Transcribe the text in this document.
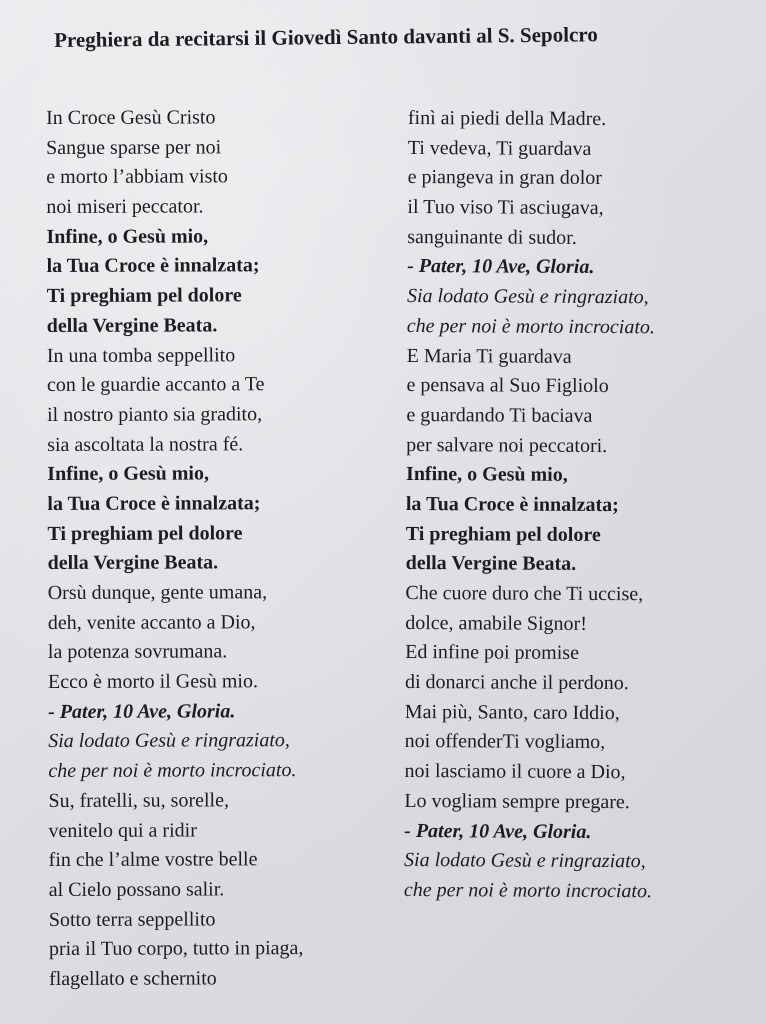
Preghiera da recitarsi il Giovedì Santo davanti al S. Sepolcro
In Croce Gesù Cristo
Sangue sparse per noi
e morto l’abbiam visto
noi miseri peccator.
Infine, o Gesù mio,
la Tua Croce è innalzata;
Ti preghiam pel dolore
della Vergine Beata.
In una tomba seppellito
con le guardie accanto a Te
il nostro pianto sia gradito,
sia ascoltata la nostra fé.
Infine, o Gesù mio,
la Tua Croce è innalzata;
Ti preghiam pel dolore
della Vergine Beata.
Orsù dunque, gente umana,
deh, venite accanto a Dio,
la potenza sovrumana.
Ecco è morto il Gesù mio.
- Pater, 10 Ave, Gloria.
Sia lodato Gesù e ringraziato,
che per noi è morto incrociato.
Su, fratelli, su, sorelle,
venitelo qui a ridir
fin che l’alme vostre belle
al Cielo possano salir.
Sotto terra seppellito
pria il Tuo corpo, tutto in piaga,
flagellato e schernito
finì ai piedi della Madre.
Ti vedeva, Ti guardava
e piangeva in gran dolor
il Tuo viso Ti asciugava,
sanguinante di sudor.
- Pater, 10 Ave, Gloria.
Sia lodato Gesù e ringraziato,
che per noi è morto incrociato.
E Maria Ti guardava
e pensava al Suo Figliolo
e guardando Ti baciava
per salvare noi peccatori.
Infine, o Gesù mio,
la Tua Croce è innalzata;
Ti preghiam pel dolore
della Vergine Beata.
Che cuore duro che Ti uccise,
dolce, amabile Signor!
Ed infine poi promise
di donarci anche il perdono.
Mai più, Santo, caro Iddio,
noi offenderTi vogliamo,
noi lasciamo il cuore a Dio,
Lo vogliam sempre pregare.
- Pater, 10 Ave, Gloria.
Sia lodato Gesù e ringraziato,
che per noi è morto incrociato.
